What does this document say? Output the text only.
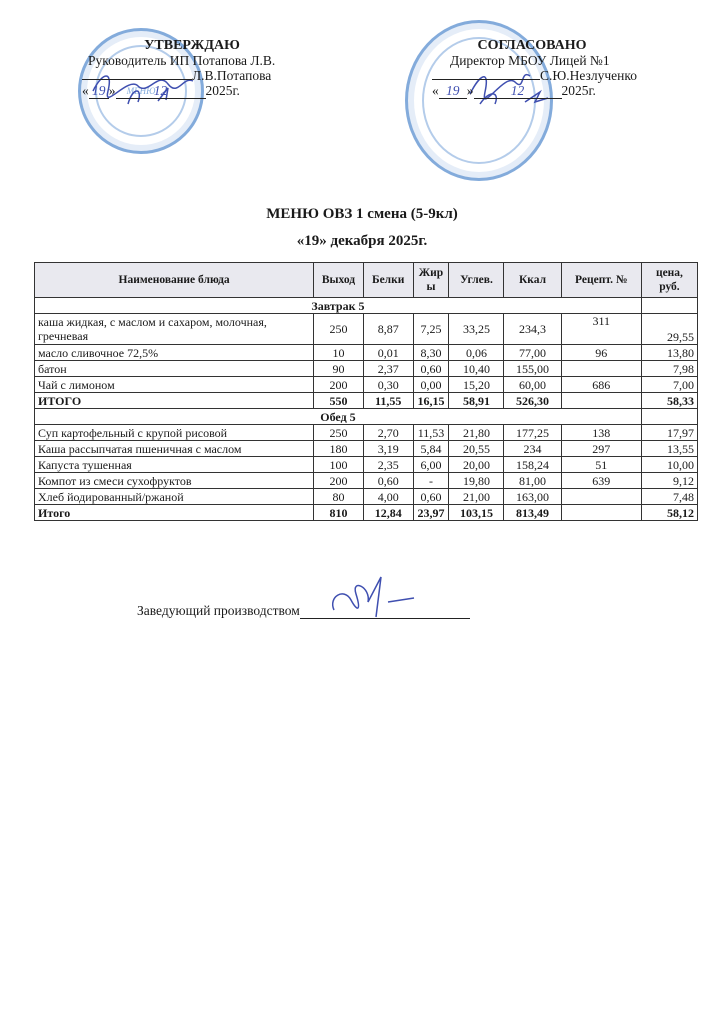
МЕНЮ
УТВЕРЖДАЮ
Руководитель ИП Потапова Л.В.
Л.В.Потапова
« 19 »	12	2025г.
СОГЛАСОВАНО
Директор МБОУ Лицей №1
С.Ю.Незлученко
« 19 »	12	2025г.
МЕНЮ ОВЗ 1 смена (5-9кл)
«19» декабря 2025г.
Наименование блюда	Выход	Белки	Жир ы	Углев.	Ккал	Рецепт. №	цена, руб.
Завтрак 5							
каша жидкая, с маслом и сахаром, молочная, гречневая	250	8,87	7,25	33,25	234,3	311	29,55
масло сливочное 72,5%	10	0,01	8,30	0,06	77,00	96	13,80
батон	90	2,37	0,60	10,40	155,00		7,98
Чай с лимоном	200	0,30	0,00	15,20	60,00	686	7,00
ИТОГО	550	11,55	16,15	58,91	526,30		58,33
Обед 5							
Суп картофельный с крупой рисовой	250	2,70	11,53	21,80	177,25	138	17,97
Каша рассыпчатая пшеничная с маслом	180	3,19	5,84	20,55	234	297	13,55
Капуста тушенная	100	2,35	6,00	20,00	158,24	51	10,00
Компот из смеси сухофруктов	200	0,60	-	19,80	81,00	639	9,12
Хлеб йодированный/ржаной	80	4,00	0,60	21,00	163,00		7,48
Итого	810	12,84	23,97	103,15	813,49		58,12
Заведующий производством
